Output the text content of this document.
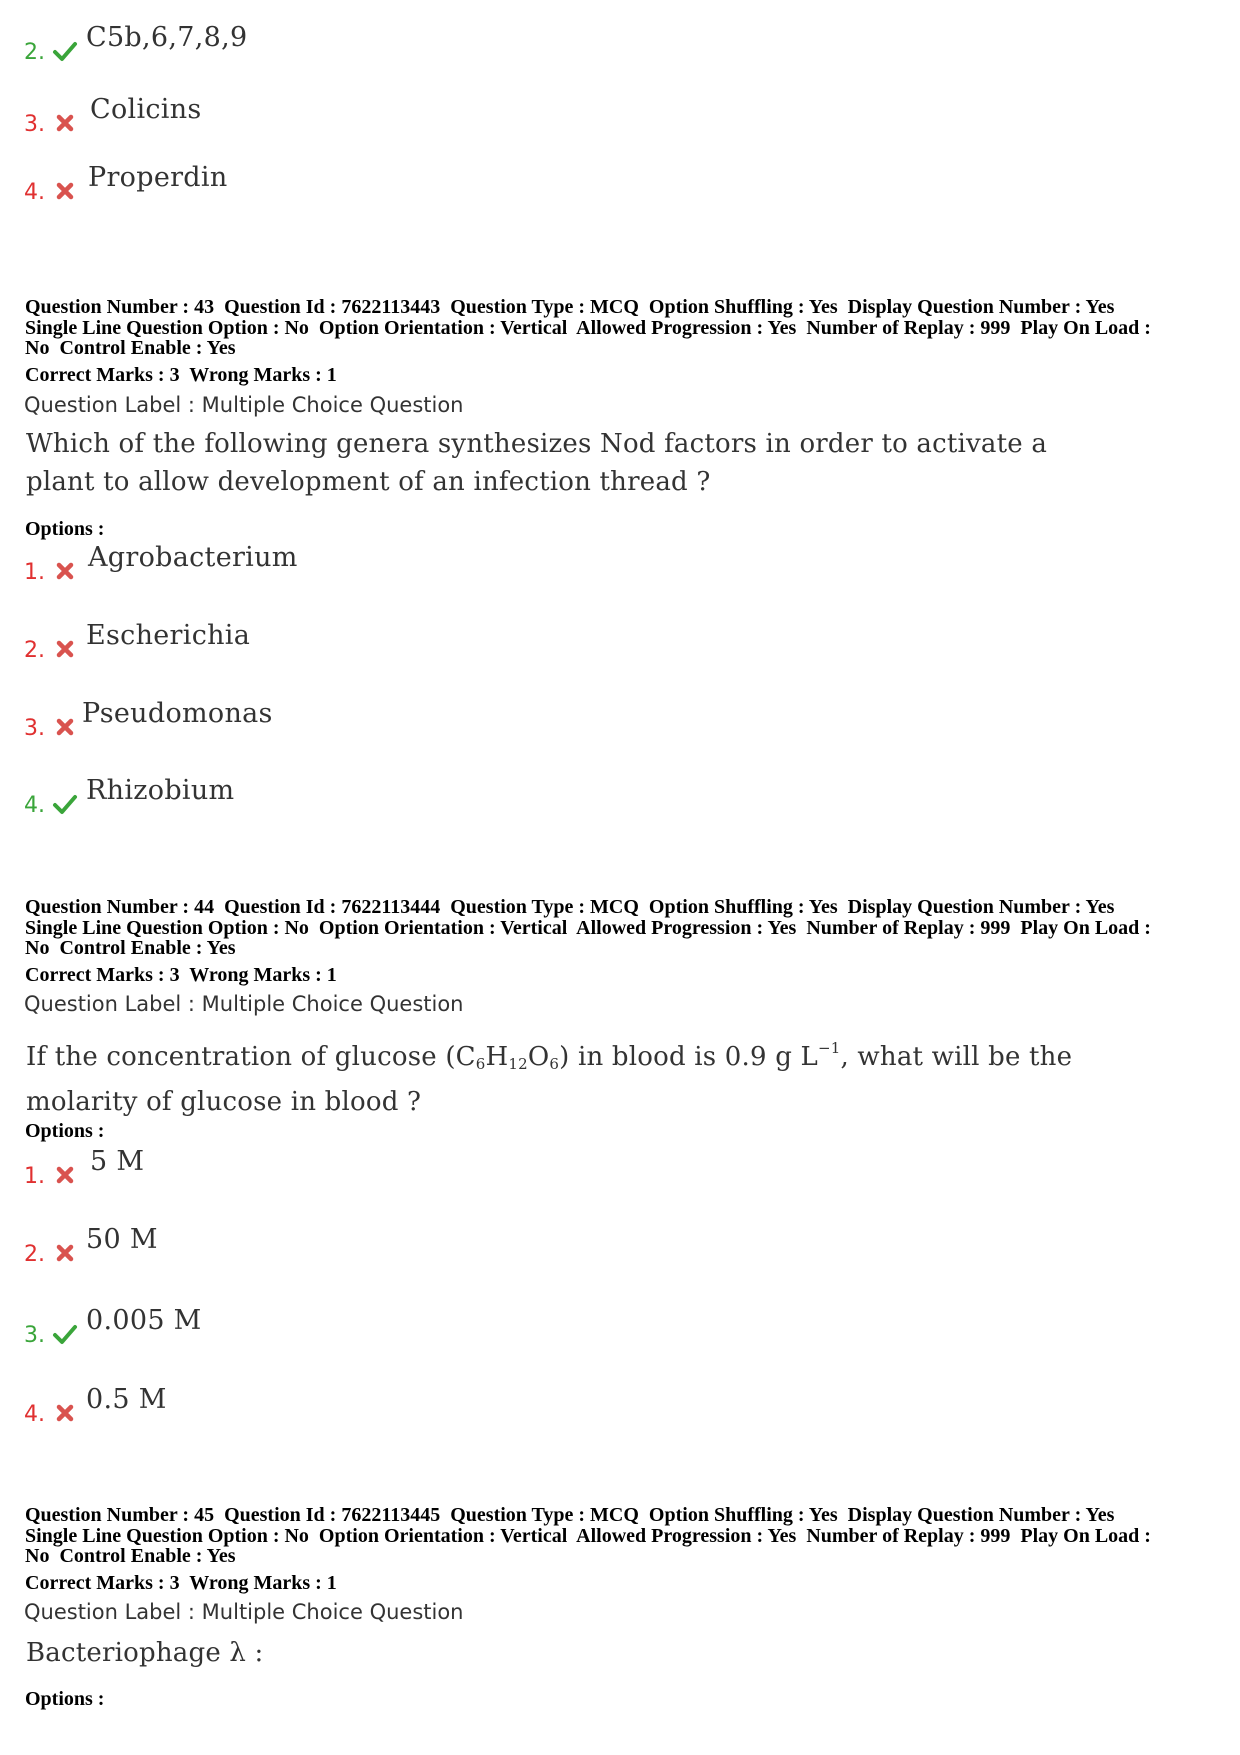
2. C5b,6,7,8,9
3. Colicins
4. Properdin
Question Number : 43  Question Id : 7622113443  Question Type : MCQ  Option Shuffling : Yes  Display Question Number : Yes
Single Line Question Option : No  Option Orientation : Vertical  Allowed Progression : Yes  Number of Replay : 999  Play On Load :
No  Control Enable : Yes
Correct Marks : 3  Wrong Marks : 1
Question Label : Multiple Choice Question
Which of the following genera synthesizes Nod factors in order to activate a
plant to allow development of an infection thread ?
Options :
1. Agrobacterium
2. Escherichia
3. Pseudomonas
4. Rhizobium
Question Number : 44  Question Id : 7622113444  Question Type : MCQ  Option Shuffling : Yes  Display Question Number : Yes
Single Line Question Option : No  Option Orientation : Vertical  Allowed Progression : Yes  Number of Replay : 999  Play On Load :
No  Control Enable : Yes
Correct Marks : 3  Wrong Marks : 1
Question Label : Multiple Choice Question
If the concentration of glucose $(C_6H_{12}O_6)$ in blood is 0.9 g $L^{-1}$, what will be the
molarity of glucose in blood ?
Options :
1. 5 M
2. 50 M
3. 0.005 M
4. 0.5 M
Question Number : 45  Question Id : 7622113445  Question Type : MCQ  Option Shuffling : Yes  Display Question Number : Yes
Single Line Question Option : No  Option Orientation : Vertical  Allowed Progression : Yes  Number of Replay : 999  Play On Load :
No  Control Enable : Yes
Correct Marks : 3  Wrong Marks : 1
Question Label : Multiple Choice Question
Bacteriophage λ :
Options :
